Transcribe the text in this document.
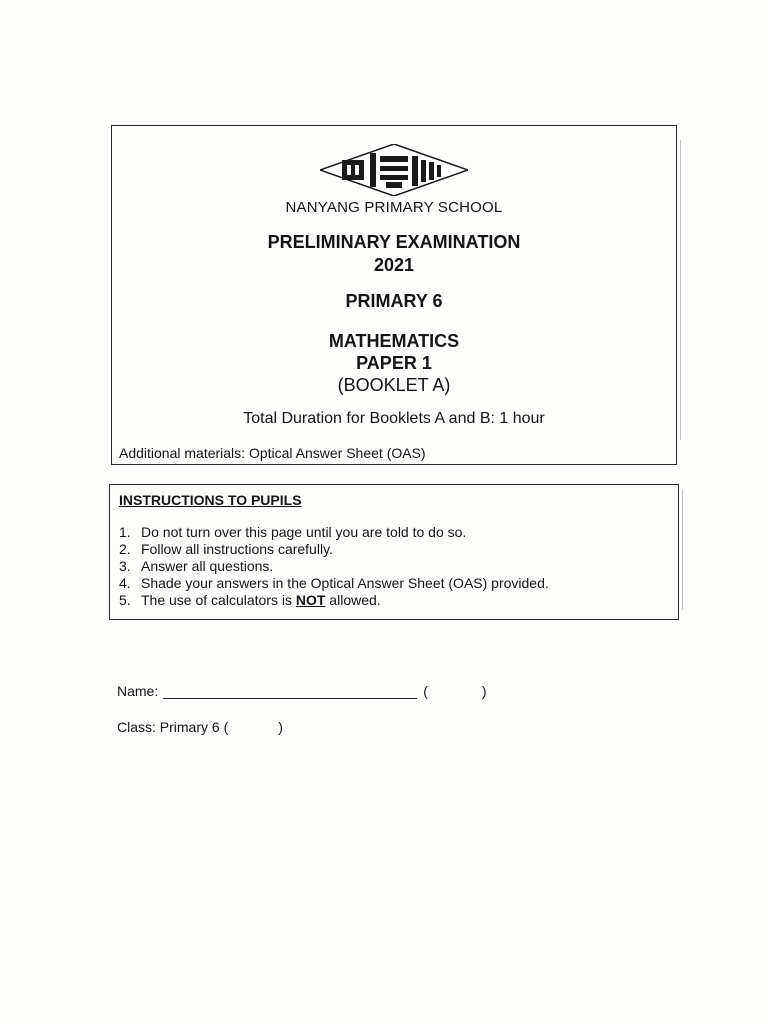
NANYANG PRIMARY SCHOOL
PRELIMINARY EXAMINATION
2021
PRIMARY 6
MATHEMATICS
PAPER 1
(BOOKLET A)
Total Duration for Booklets A and B: 1 hour
Additional materials: Optical Answer Sheet (OAS)
INSTRUCTIONS TO PUPILS
1. Do not turn over this page until you are told to do so.
2. Follow all instructions carefully.
3. Answer all questions.
4. Shade your answers in the Optical Answer Sheet (OAS) provided.
5. The use of calculators is NOT allowed.
Name:	(	)
Class: Primary 6 (	)
